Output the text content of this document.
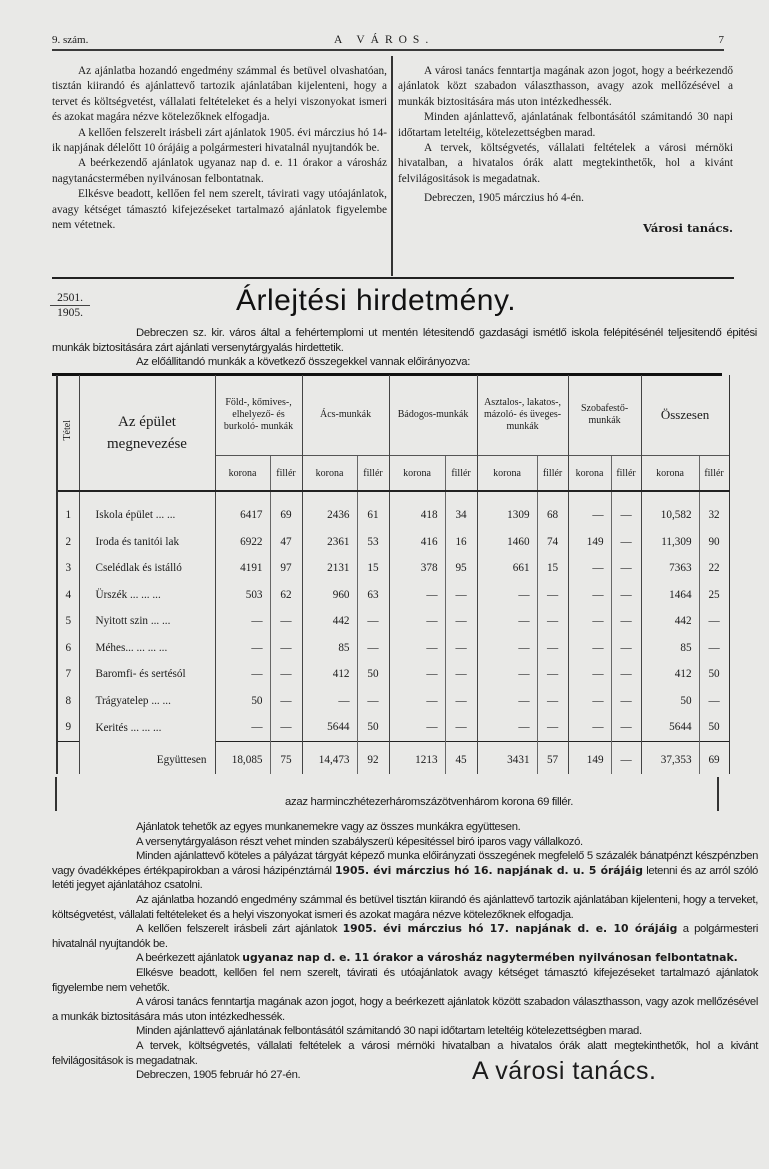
9. szám.	A VÁROS.	7

Az ajánlatba hozandó engedmény számmal és betüvel olvashatóan, tisztán kiirandó és ajánlattevő tartozik ajánlatában kijelenteni, hogy a tervet és költségvetést, vállalati feltételeket és a helyi viszonyokat ismeri és azokat magára nézve kötelezőknek elfogadja.

A kellően felszerelt irásbeli zárt ajánlatok 1905. évi márczius hó 14-ik napjának délelőtt 10 órájáig a polgármesteri hivatalnál nyujtandók be.

A beérkezendő ajánlatok ugyanaz nap d. e. 11 órakor a városház nagytanácstermében nyilvánosan felbontatnak.

Elkésve beadott, kellően fel nem szerelt, távirati vagy utóajánlatok, avagy kétséget támasztó kifejezéseket tartalmazó ajánlatok figyelembe nem vétetnek.

A városi tanács fenntartja magának azon jogot, hogy a beérkezendő ajánlatok közt szabadon választhasson, avagy azok mellőzésével a munkák biztositására más uton intézkedhessék.

Minden ajánlattevő, ajánlatának felbontásától számitandó 30 napi időtartam leteltéig, kötelezettségben marad.

A tervek, költségvetés, vállalati feltételek a városi mérnöki hivatalban, a hivatalos órák alatt megtekinthetők, hol a kivánt felvilágositások is megadatnak.

Debreczen, 1905 márczius hó 4-én.

Városi tanács.

$\frac{2501.}{1905.}$	Árlejtési hirdetmény.

Debreczen sz. kir. város által a fehértemplomi ut mentén létesitendő gazdasági ismétlő iskola felépitésénél teljesitendő épitési munkák biztositására zárt ajánlati versenytárgyalás hirdettetik.

Az előállitandó munkák a következő összegekkel vannak előirányozva:

Tétel	Az épület megnevezése	Föld-, kőmives-, elhelyező- és burkoló- munkák		Ács-munkák		Bádogos-munkák		Asztalos-, lakatos-, mázoló- és üveges-munkák		Szobafestő- munkák		Összesen	
		korona	fillér	korona	fillér	korona	fillér	korona	fillér	korona	fillér	korona	fillér

1	Iskola épület ... ...	6417	69	2436	61	418	34	1309	68	—	—	10,582	32
2	Iroda és tanitói lak	6922	47	2361	53	416	16	1460	74	149	—	11,309	90
3	Cselédlak és istálló	4191	97	2131	15	378	95	661	15	—	—	7363	22
4	Ürszék ... ... ...	503	62	960	63	—	—	—	—	—	—	1464	25
5	Nyitott szin ... ...	—	—	442	—	—	—	—	—	—	—	442	—
6	Méhes... ... ... ...	—	—	85	—	—	—	—	—	—	—	85	—
7	Baromfi- és sertésól	—	—	412	50	—	—	—	—	—	—	412	50
8	Trágyatelep ... ...	50	—	—	—	—	—	—	—	—	—	50	—
9	Kerités ... ... ...	—	—	5644	50	—	—	—	—	—	—	5644	50

	Együttesen	18,085	75	14,473	92	1213	45	3431	57	149	—	37,353	69
azaz harminczhétezerháromszázötvenhárom korona 69 fillér.

Ajánlatok tehetők az egyes munkanemekre vagy az összes munkákra együttesen.

A versenytárgyaláson részt vehet minden szabályszerü képesitéssel biró iparos vagy vállalkozó.

Minden ajánlattevő köteles a pályázat tárgyát képező munka előirányzati összegének megfelelő 5 százalék bánatpénzt készpénzben vagy óvadékképes értékpapirokban a városi házipénztárnál 1905. évi márczius hó 16. napjának d. u. 5 órájáig letenni és az arról szóló letéti jegyet ajánlatához csatolni.

Az ajánlatba hozandó engedmény számmal és betüvel tisztán kiirandó és ajánlattevő tartozik ajánlatában kijelenteni, hogy a terveket, költségvetést, vállalati feltételeket és a helyi viszonyokat ismeri és azokat magára nézve kötelezőknek elfogadja.

A kellően felszerelt irásbeli zárt ajánlatok 1905. évi márczius hó 17. napjának d. e. 10 órájáig a polgármesteri hivatalnál nyujtandók be.

A beérkezett ajánlatok ugyanaz nap d. e. 11 órakor a városház nagytermében nyilvánosan felbontatnak.

Elkésve beadott, kellően fel nem szerelt, távirati és utóajánlatok avagy kétséget támasztó kifejezéseket tartalmazó ajánlatok figyelembe nem vehetők.

A városi tanács fenntartja magának azon jogot, hogy a beérkezett ajánlatok között szabadon választhasson, vagy azok mellőzésével a munkák biztositására más uton intézkedhessék.

Minden ajánlattevő ajánlatának felbontásától számitandó 30 napi időtartam leteltéig kötelezettségben marad.

A tervek, költségvetés, vállalati feltételek a városi mérnöki hivatalban a hivatalos órák alatt megtekinthetők, hol a kivánt felvilágositások is megadatnak.

Debreczen, 1905 február hó 27-én.	A városi tanács.
